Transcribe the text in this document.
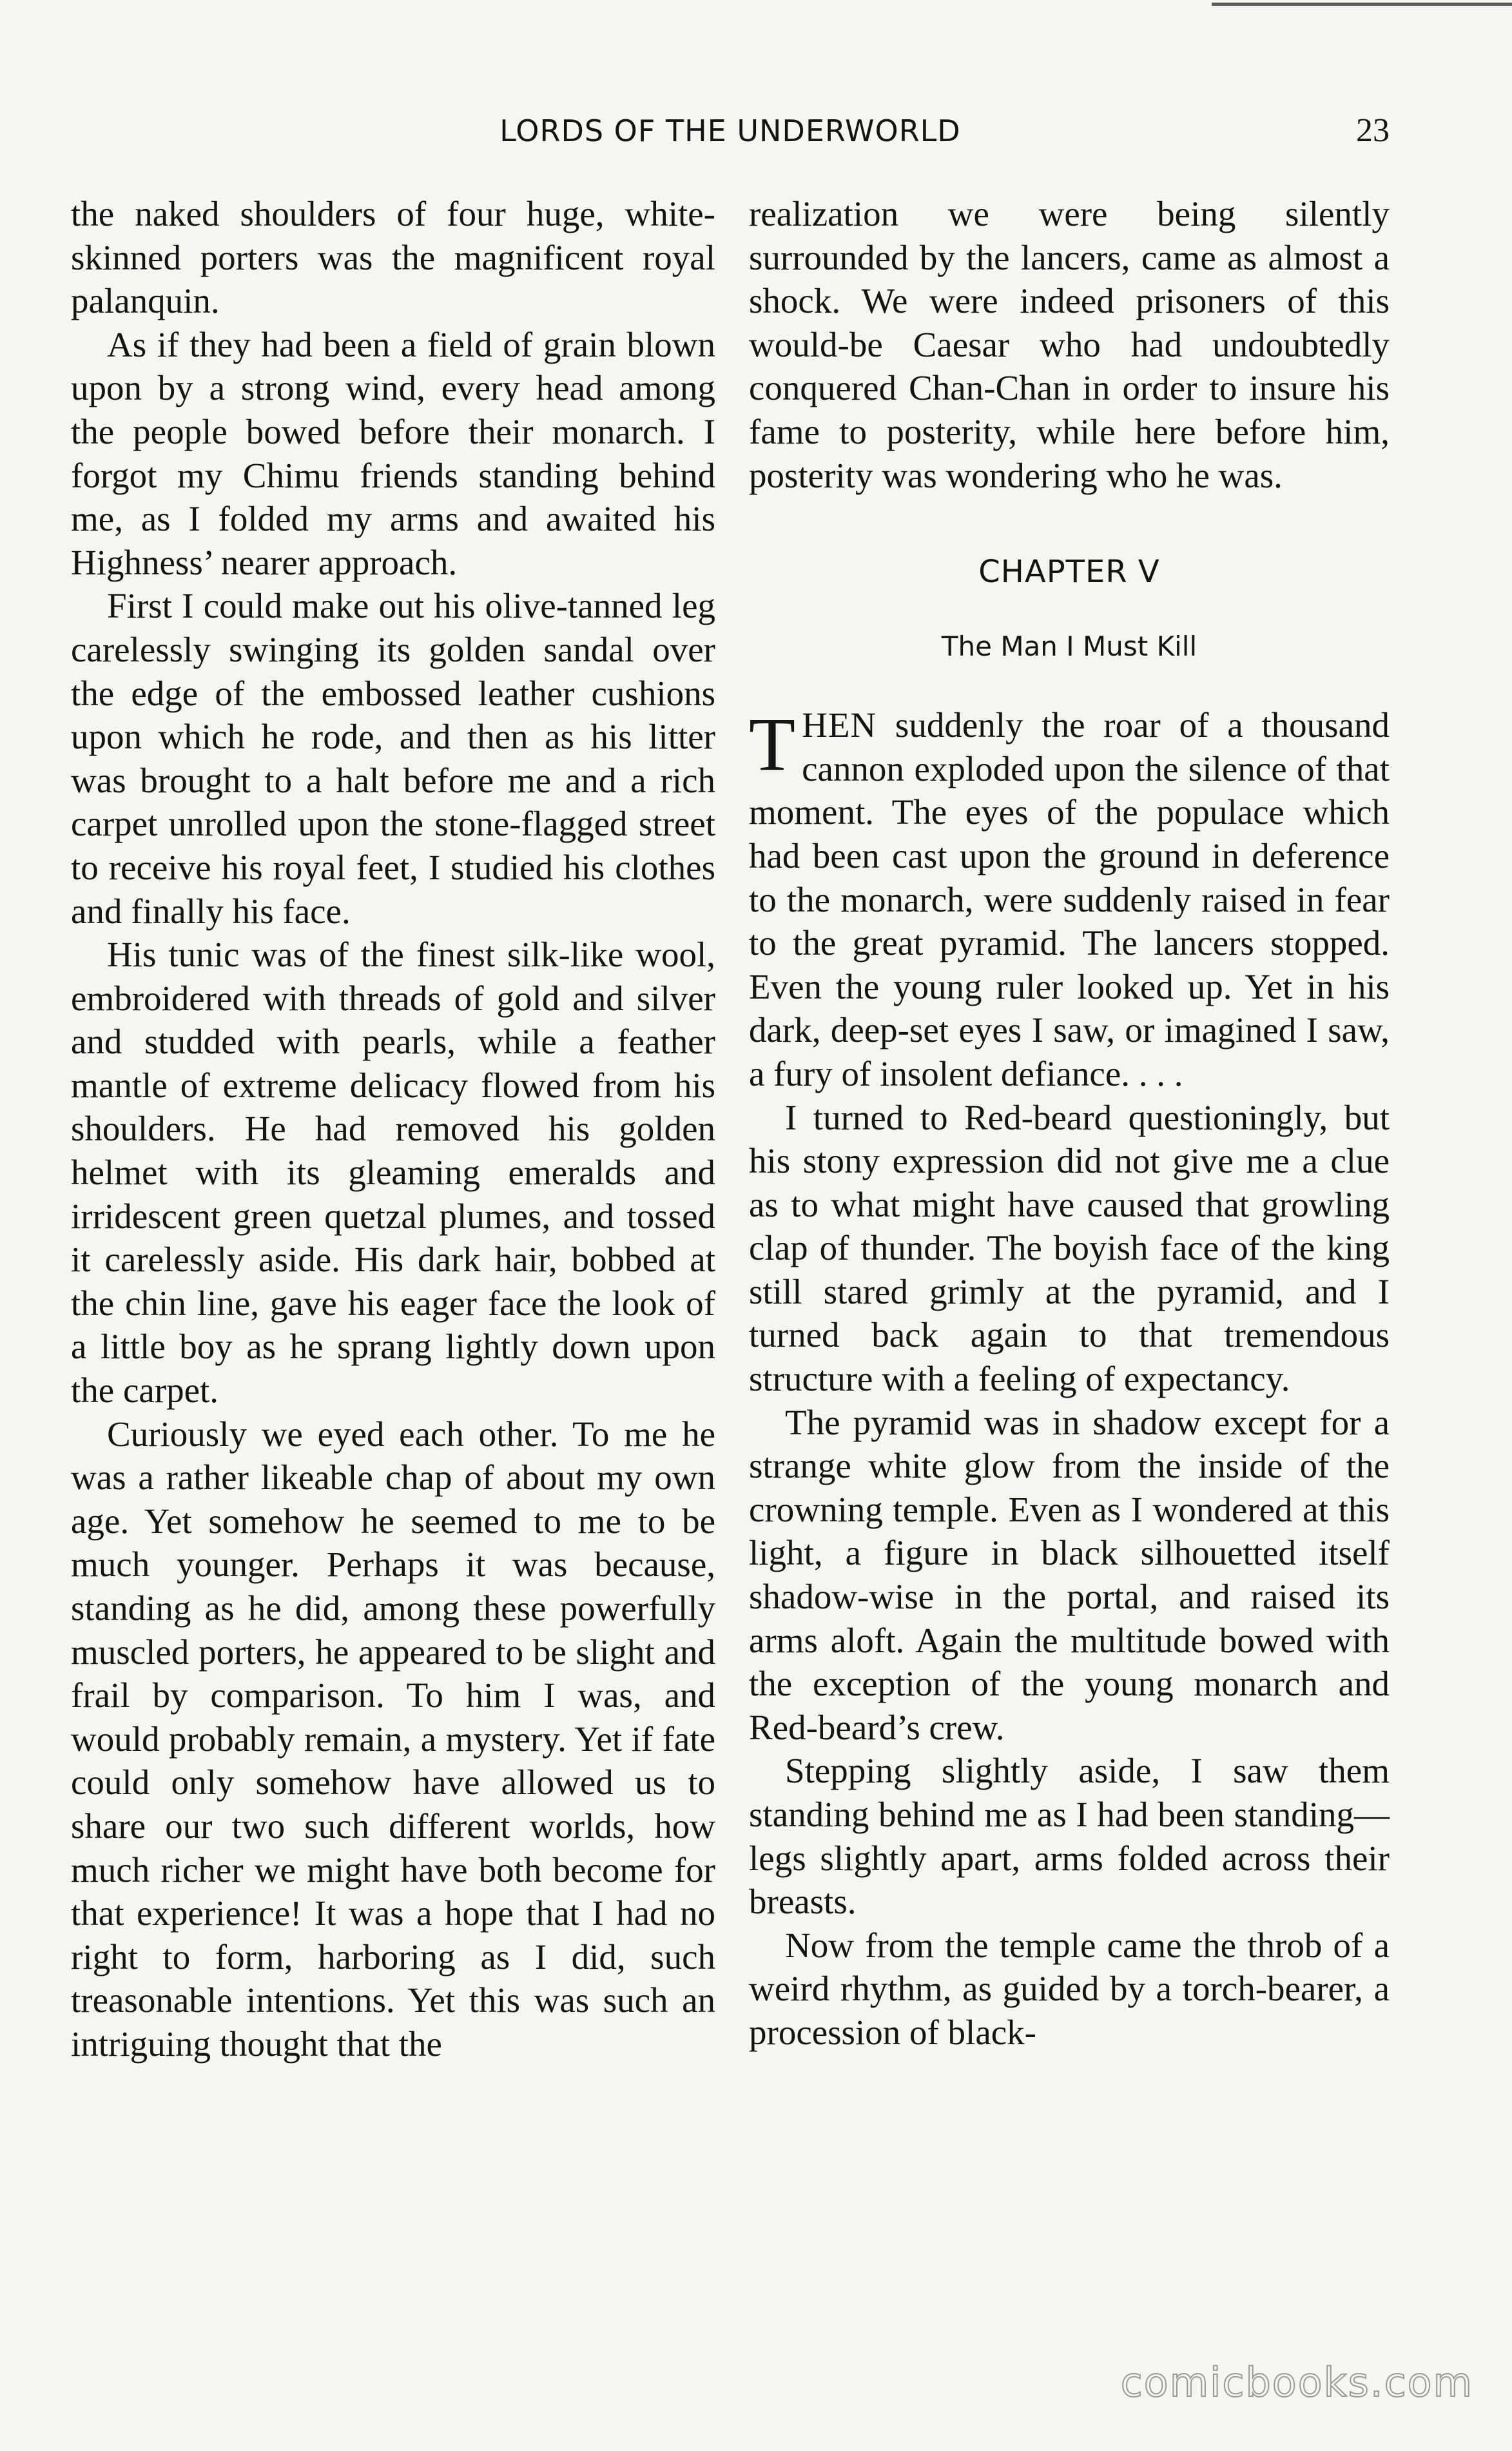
LORDS OF THE UNDERWORLD	23

the naked shoulders of four huge, white-skinned porters was the magnificent royal palanquin.

As if they had been a field of grain blown upon by a strong wind, every head among the people bowed before their monarch. I forgot my Chimu friends standing behind me, as I folded my arms and awaited his Highness’ nearer approach.

First I could make out his olive-tanned leg carelessly swinging its golden sandal over the edge of the embossed leather cushions upon which he rode, and then as his litter was brought to a halt before me and a rich carpet unrolled upon the stone-flagged street to receive his royal feet, I studied his clothes and finally his face.

His tunic was of the finest silk-like wool, embroidered with threads of gold and silver and studded with pearls, while a feather mantle of extreme delicacy flowed from his shoulders. He had removed his golden helmet with its gleaming emeralds and irridescent green quetzal plumes, and tossed it carelessly aside. His dark hair, bobbed at the chin line, gave his eager face the look of a little boy as he sprang lightly down upon the carpet.

Curiously we eyed each other. To me he was a rather likeable chap of about my own age. Yet somehow he seemed to me to be much younger. Perhaps it was because, standing as he did, among these powerfully muscled porters, he appeared to be slight and frail by comparison. To him I was, and would probably remain, a mystery. Yet if fate could only somehow have allowed us to share our two such different worlds, how much richer we might have both become for that experience! It was a hope that I had no right to form, harboring as I did, such treasonable intentions. Yet this was such an intriguing thought that the

realization we were being silently surrounded by the lancers, came as almost a shock. We were indeed prisoners of this would-be Caesar who had undoubtedly conquered Chan-Chan in order to insure his fame to posterity, while here before him, posterity was wondering who he was.

CHAPTER V
The Man I Must Kill

THEN suddenly the roar of a thousand cannon exploded upon the silence of that moment. The eyes of the populace which had been cast upon the ground in deference to the monarch, were suddenly raised in fear to the great pyramid. The lancers stopped. Even the young ruler looked up. Yet in his dark, deep-set eyes I saw, or imagined I saw, a fury of insolent defiance. . . .

I turned to Red-beard questioningly, but his stony expression did not give me a clue as to what might have caused that growling clap of thunder. The boyish face of the king still stared grimly at the pyramid, and I turned back again to that tremendous structure with a feeling of expectancy.

The pyramid was in shadow except for a strange white glow from the inside of the crowning temple. Even as I wondered at this light, a figure in black silhouetted itself shadow-wise in the portal, and raised its arms aloft. Again the multitude bowed with the exception of the young monarch and Red-beard’s crew.

Stepping slightly aside, I saw them standing behind me as I had been standing—legs slightly apart, arms folded across their breasts.

Now from the temple came the throb of a weird rhythm, as guided by a torch-bearer, a procession of black-

comicbooks.com
